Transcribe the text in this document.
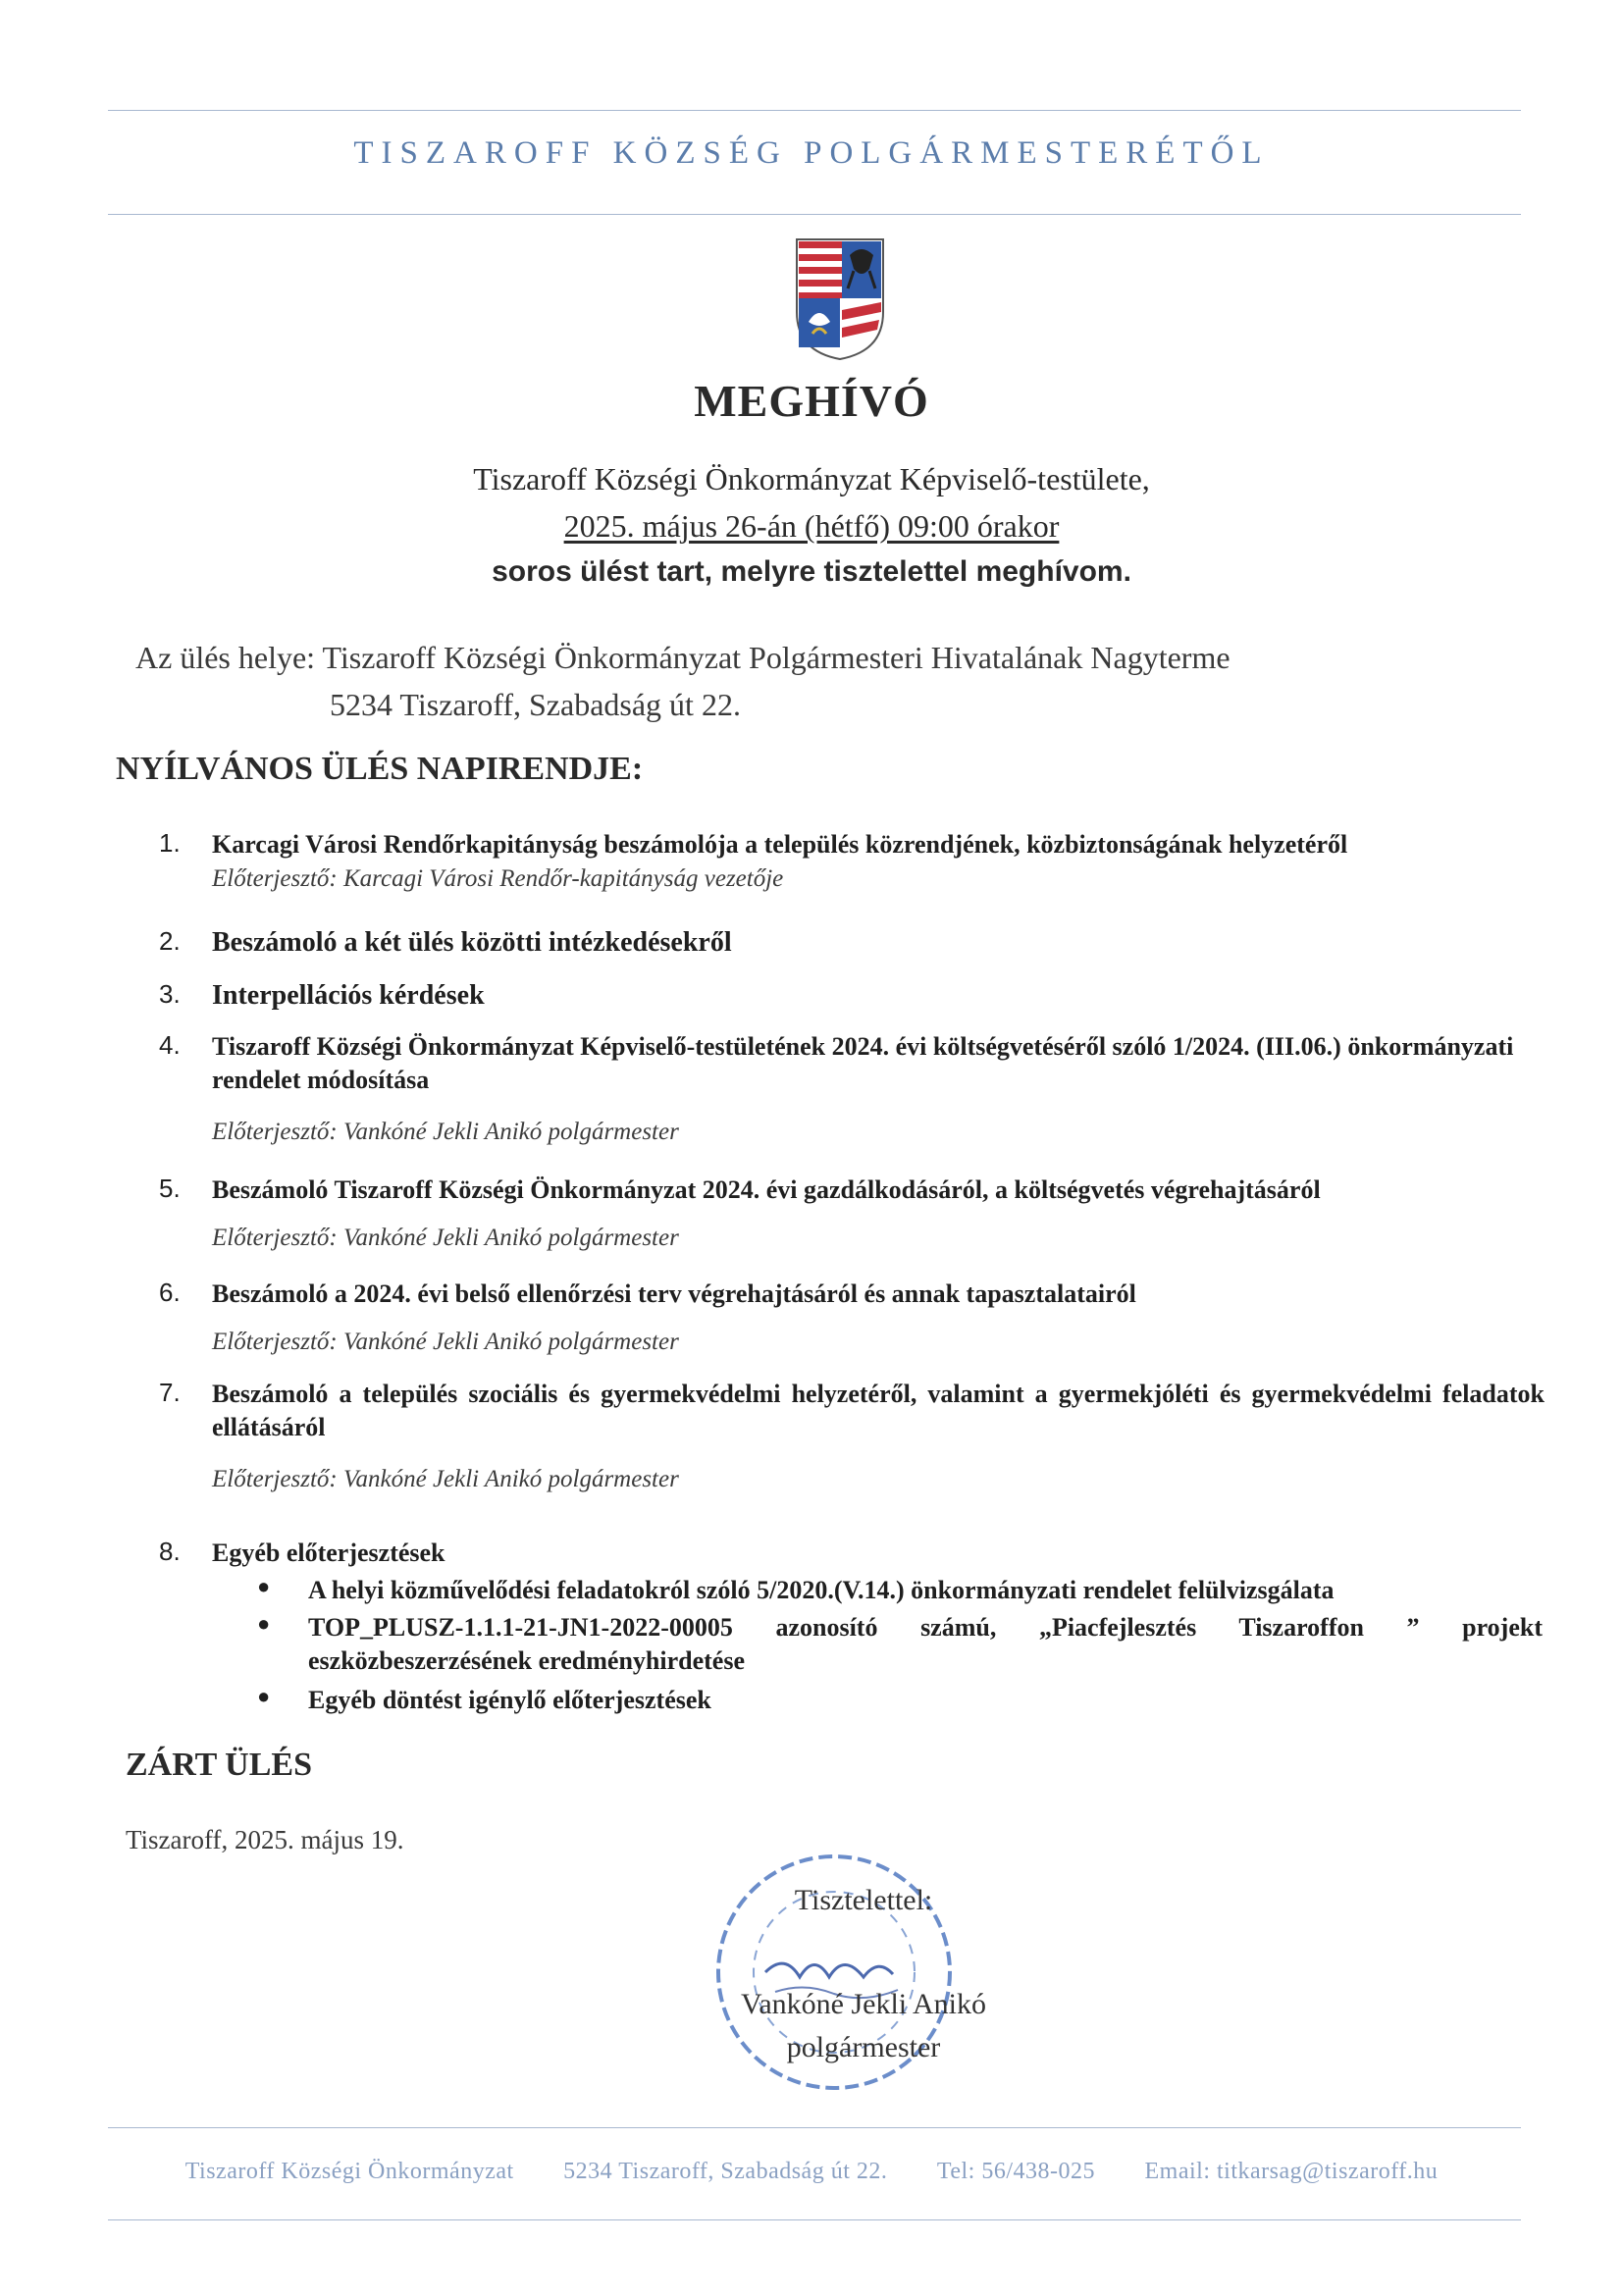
TISZAROFF KÖZSÉG POLGÁRMESTERÉTŐL
MEGHÍVÓ
Tiszaroff Községi Önkormányzat Képviselő-testülete,
2025. május 26-án (hétfő) 09:00 órakor
soros ülést tart, melyre tisztelettel meghívom.
Az ülés helye: Tiszaroff Községi Önkormányzat Polgármesteri Hivatalának Nagyterme
5234 Tiszaroff, Szabadság út 22.
NYÍLVÁNOS ÜLÉS NAPIRENDJE:
1.	Karcagi Városi Rendőrkapitányság beszámolója a település közrendjének, közbiztonságának helyzetéről
Előterjesztő: Karcagi Városi Rendőr-kapitányság vezetője
2.	Beszámoló a két ülés közötti intézkedésekről
3.	Interpellációs kérdések
4.	Tiszaroff Községi Önkormányzat Képviselő-testületének 2024. évi költségvetéséről szóló 1/2024. (III.06.) önkormányzati rendelet módosítása
Előterjesztő: Vankóné Jekli Anikó polgármester
5.	Beszámoló Tiszaroff Községi Önkormányzat 2024. évi gazdálkodásáról, a költségvetés végrehajtásáról
Előterjesztő: Vankóné Jekli Anikó polgármester
6.	Beszámoló a 2024. évi belső ellenőrzési terv végrehajtásáról és annak tapasztalatairól
Előterjesztő: Vankóné Jekli Anikó polgármester
7.	Beszámoló a település szociális és gyermekvédelmi helyzetéről, valamint a gyermekjóléti és gyermekvédelmi feladatok ellátásáról
Előterjesztő: Vankóné Jekli Anikó polgármester
8.	Egyéb előterjesztések
● A helyi közművelődési feladatokról szóló 5/2020.(V.14.) önkormányzati rendelet felülvizsgálata
● TOP_PLUSZ-1.1.1-21-JN1-2022-00005 azonosító számú, „Piacfejlesztés Tiszaroffon ” projekt eszközbeszerzésének eredményhirdetése
● Egyéb döntést igénylő előterjesztések
ZÁRT ÜLÉS
Tiszaroff, 2025. május 19.
Tisztelettel:
Vankóné Jekli Anikó
polgármester
Tiszaroff Községi Önkormányzat 5234 Tiszaroff, Szabadság út 22. Tel: 56/438-025 Email: titkarsag@tiszaroff.hu
